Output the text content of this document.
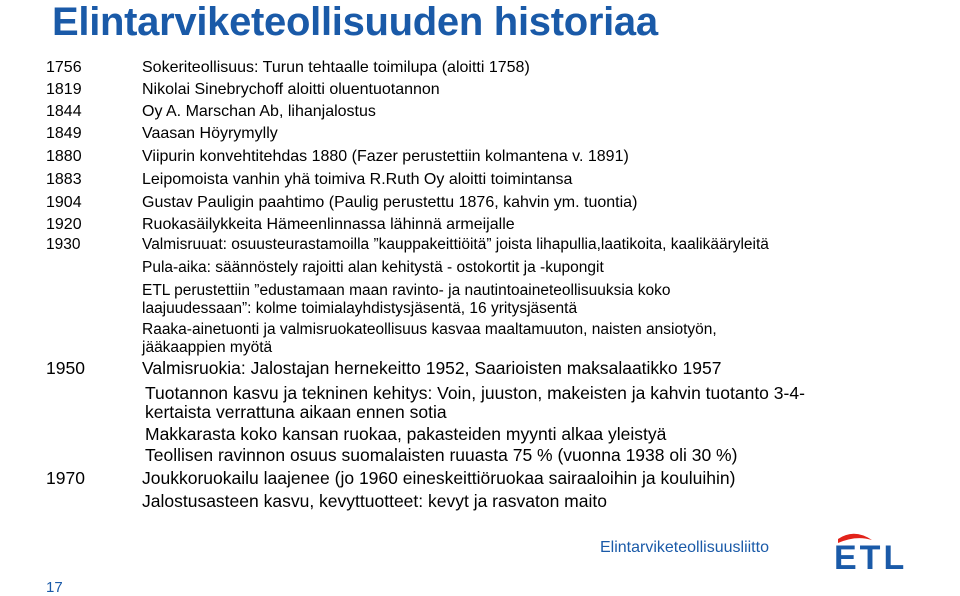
Elintarviketeollisuuden historiaa
1756	Sokeriteollisuus: Turun tehtaalle toimilupa (aloitti 1758)
1819	Nikolai Sinebrychoff aloitti oluentuotannon
1844	Oy A. Marschan Ab, lihanjalostus
1849	Vaasan Höyrymylly
1880	Viipurin konvehtitehdas 1880 (Fazer perustettiin kolmantena v. 1891)
1883	Leipomoista vanhin yhä toimiva R.Ruth Oy aloitti toimintansa
1904	Gustav Pauligin paahtimo (Paulig perustettu 1876, kahvin ym. tuontia)
1920	Ruokasäilykkeita Hämeenlinnassa lähinnä armeijalle
1930	Valmisruuat: osuusteurastamoilla ”kauppakeittiöitä” joista lihapullia,laatikoita, kaalikääryleitä
Pula-aika: säännöstely rajoitti alan kehitystä - ostokortit ja -kupongit
ETL perustettiin ”edustamaan maan ravinto- ja nautintoaineteollisuuksia koko
laajuudessaan”: kolme toimialayhdistysjäsentä, 16 yritysjäsentä
Raaka-ainetuonti ja valmisruokateollisuus kasvaa maaltamuuton, naisten ansiotyön,
jääkaappien myötä
1950	Valmisruokia: Jalostajan hernekeitto 1952, Saarioisten maksalaatikko 1957
Tuotannon kasvu ja tekninen kehitys: Voin, juuston, makeisten ja kahvin tuotanto 3-4-
kertaista verrattuna aikaan ennen sotia
Makkarasta koko kansan ruokaa, pakasteiden myynti alkaa yleistyä
Teollisen ravinnon osuus suomalaisten ruuasta 75 % (vuonna 1938 oli 30 %)
1970	Joukkoruokailu laajenee (jo 1960 eineskeittiöruokaa sairaaloihin ja kouluihin)
Jalostusasteen kasvu, kevyttuotteet: kevyt ja rasvaton maito
Elintarviketeollisuusliitto ETL
17
